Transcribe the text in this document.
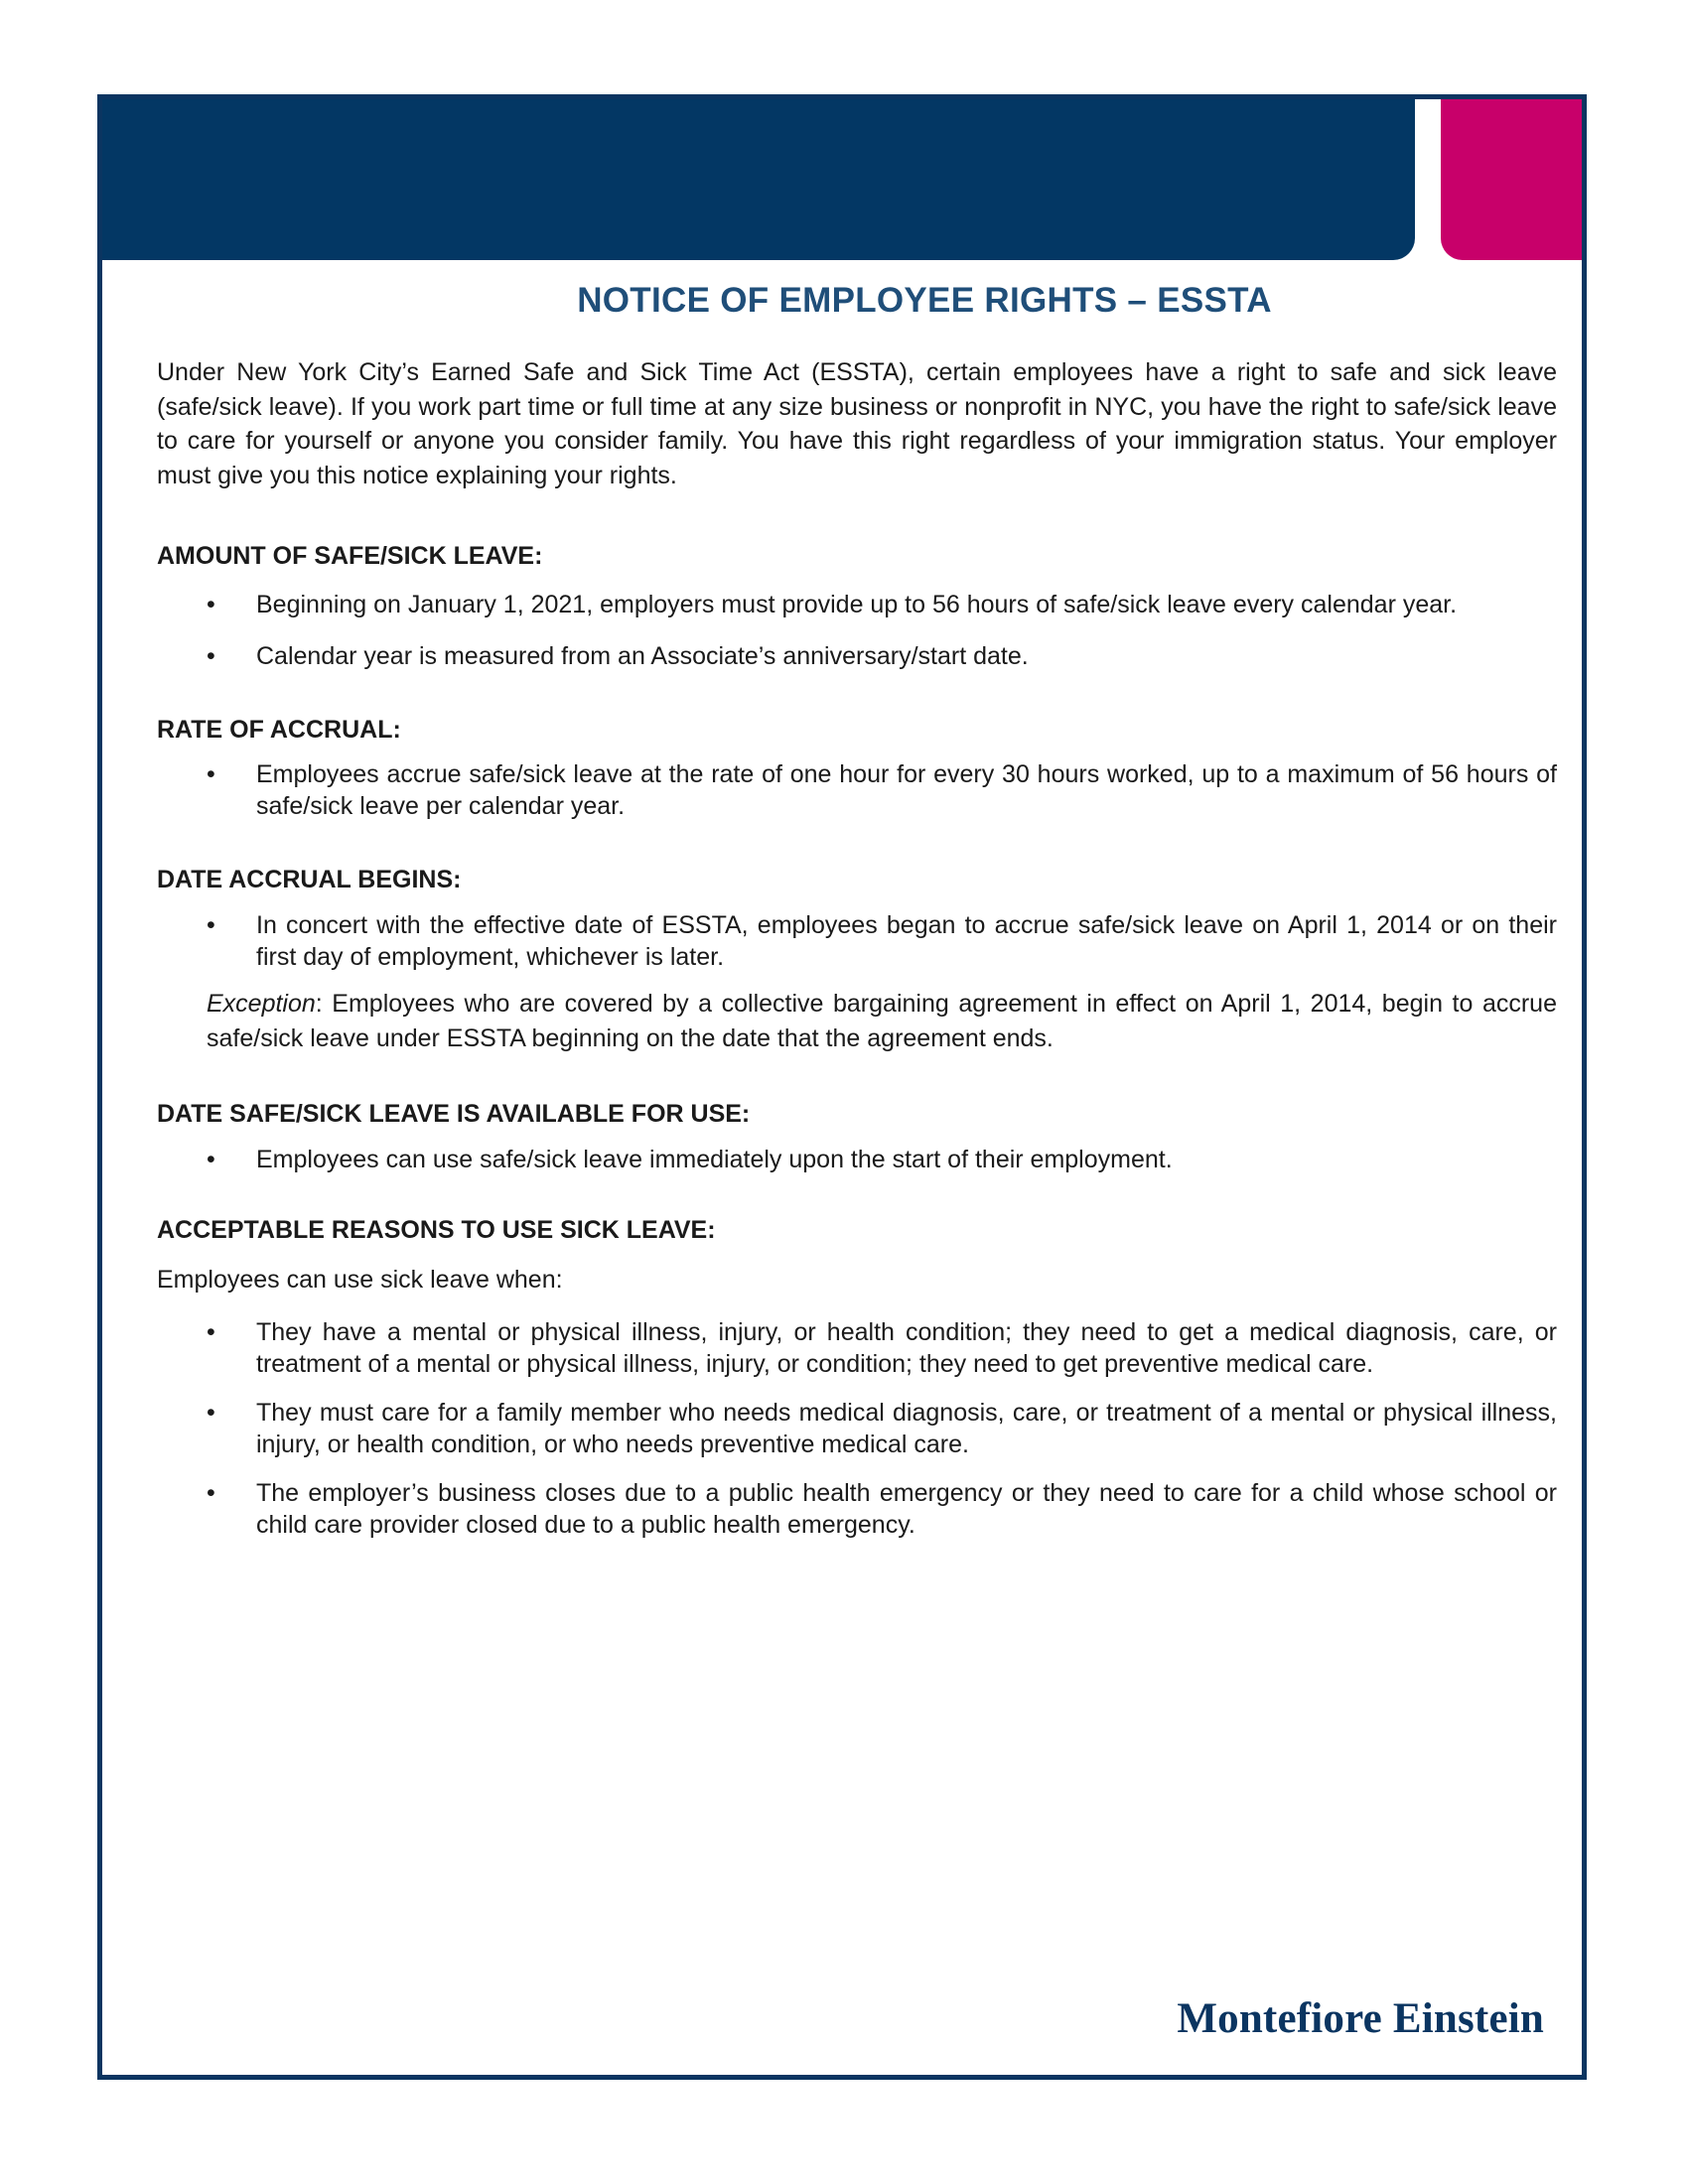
NOTICE OF EMPLOYEE RIGHTS – ESSTA

Under New York City’s Earned Safe and Sick Time Act (ESSTA), certain employees have a right to safe and sick leave (safe/sick leave). If you work part time or full time at any size business or nonprofit in NYC, you have the right to safe/sick leave to care for yourself or anyone you consider family. You have this right regardless of your immigration status. Your employer must give you this notice explaining your rights.

AMOUNT OF SAFE/SICK LEAVE:

• Beginning on January 1, 2021, employers must provide up to 56 hours of safe/sick leave every calendar year.
• Calendar year is measured from an Associate’s anniversary/start date.

RATE OF ACCRUAL:

• Employees accrue safe/sick leave at the rate of one hour for every 30 hours worked, up to a maximum of 56 hours of safe/sick leave per calendar year.

DATE ACCRUAL BEGINS:

• In concert with the effective date of ESSTA, employees began to accrue safe/sick leave on April 1, 2014 or on their first day of employment, whichever is later.

Exception: Employees who are covered by a collective bargaining agreement in effect on April 1, 2014, begin to accrue safe/sick leave under ESSTA beginning on the date that the agreement ends.

DATE SAFE/SICK LEAVE IS AVAILABLE FOR USE:

• Employees can use safe/sick leave immediately upon the start of their employment.

ACCEPTABLE REASONS TO USE SICK LEAVE:

Employees can use sick leave when:

• They have a mental or physical illness, injury, or health condition; they need to get a medical diagnosis, care, or treatment of a mental or physical illness, injury, or condition; they need to get preventive medical care.
• They must care for a family member who needs medical diagnosis, care, or treatment of a mental or physical illness, injury, or health condition, or who needs preventive medical care.
• The employer’s business closes due to a public health emergency or they need to care for a child whose school or child care provider closed due to a public health emergency.
Montefiore Einstein
